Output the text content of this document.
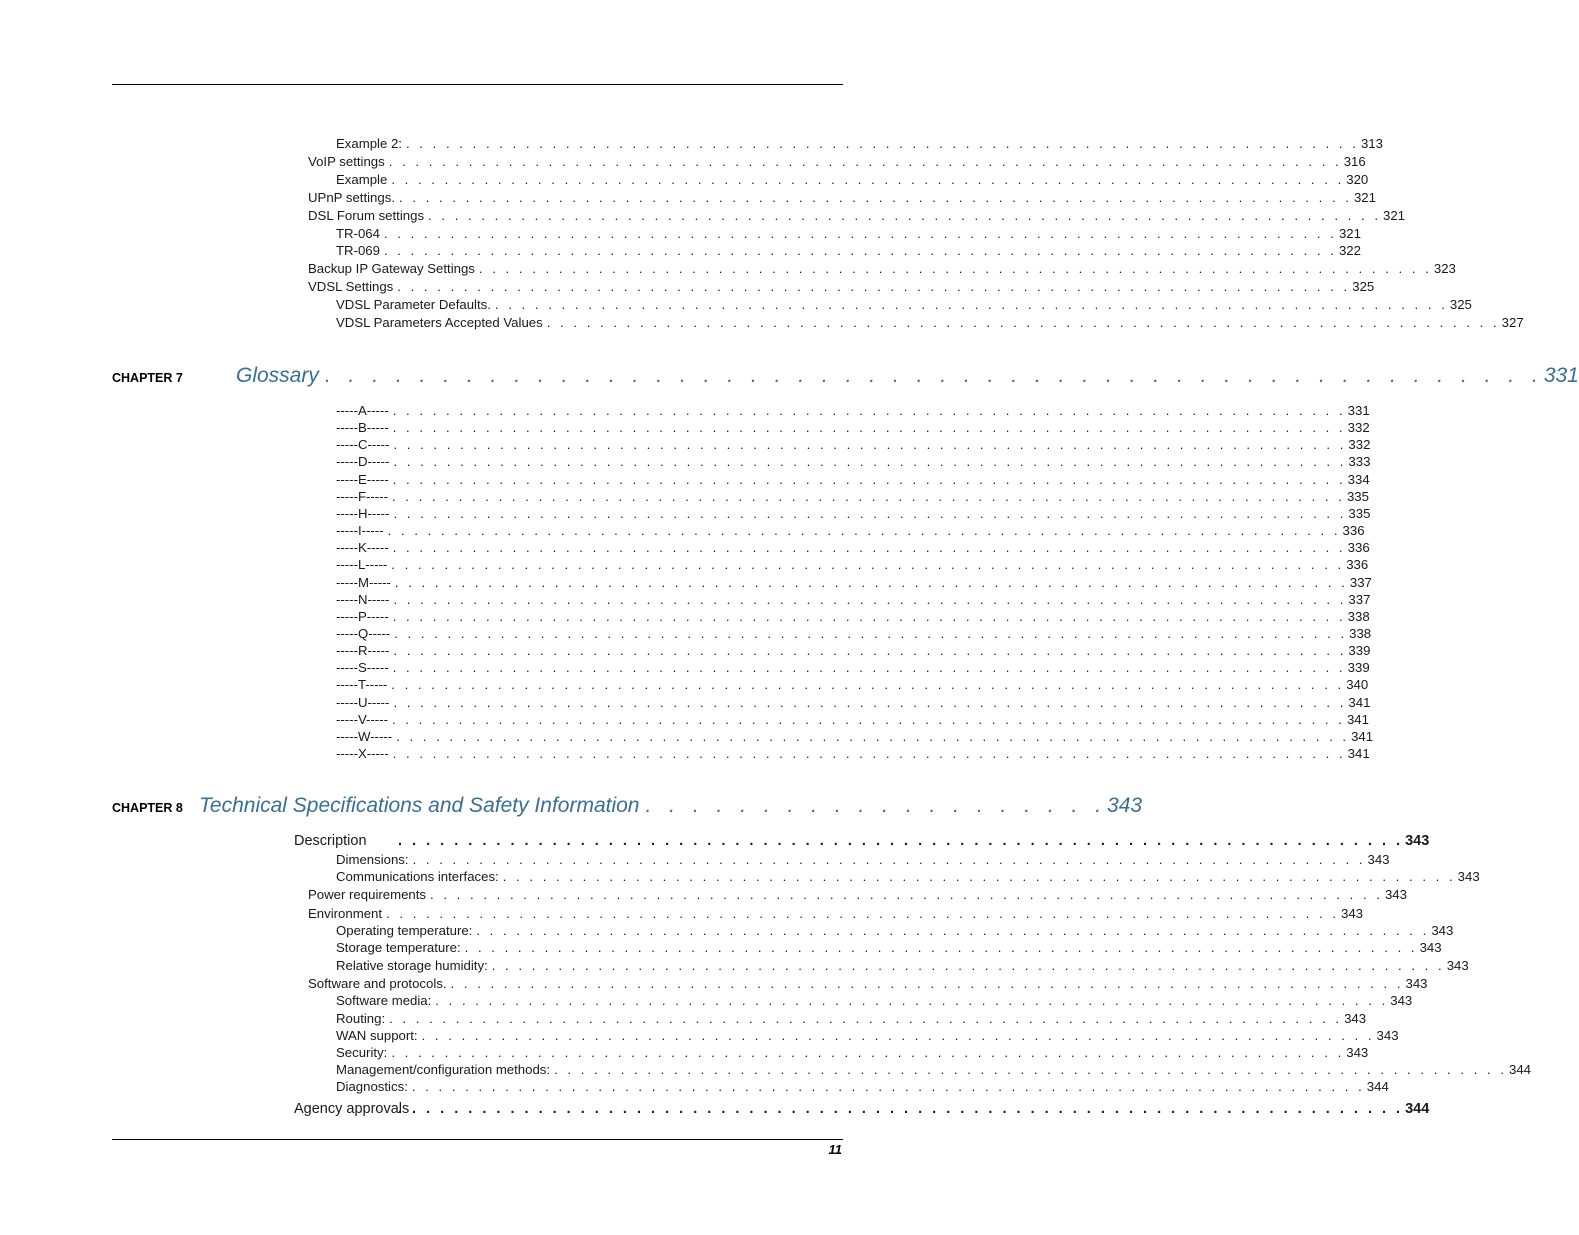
Example 2: . . . . . . . . . . . . . . . . . . . . . . . . . . . . . . . . . . . . . . . . . . . . . . . . . . . . . . . . . . . . . . . . . . . . . . . . 313
VoIP settings . . . . . . . . . . . . . . . . . . . . . . . . . . . . . . . . . . . . . . . . . . . . . . . . . . . . . . . . . . . . . . . . . . . . . . . . 316
Example . . . . . . . . . . . . . . . . . . . . . . . . . . . . . . . . . . . . . . . . . . . . . . . . . . . . . . . . . . . . . . . . . . . . . . . . 320
UPnP settings. . . . . . . . . . . . . . . . . . . . . . . . . . . . . . . . . . . . . . . . . . . . . . . . . . . . . . . . . . . . . . . . . . . . . . . . . 321
DSL Forum settings . . . . . . . . . . . . . . . . . . . . . . . . . . . . . . . . . . . . . . . . . . . . . . . . . . . . . . . . . . . . . . . . . . . . . . . . 321
TR-064 . . . . . . . . . . . . . . . . . . . . . . . . . . . . . . . . . . . . . . . . . . . . . . . . . . . . . . . . . . . . . . . . . . . . . . . . 321
TR-069 . . . . . . . . . . . . . . . . . . . . . . . . . . . . . . . . . . . . . . . . . . . . . . . . . . . . . . . . . . . . . . . . . . . . . . . . 322
Backup IP Gateway Settings . . . . . . . . . . . . . . . . . . . . . . . . . . . . . . . . . . . . . . . . . . . . . . . . . . . . . . . . . . . . . . . . . . . . . . . . 323
VDSL Settings . . . . . . . . . . . . . . . . . . . . . . . . . . . . . . . . . . . . . . . . . . . . . . . . . . . . . . . . . . . . . . . . . . . . . . . . 325
VDSL Parameter Defaults. . . . . . . . . . . . . . . . . . . . . . . . . . . . . . . . . . . . . . . . . . . . . . . . . . . . . . . . . . . . . . . . . . . . . . . . . 325
VDSL Parameters Accepted Values . . . . . . . . . . . . . . . . . . . . . . . . . . . . . . . . . . . . . . . . . . . . . . . . . . . . . . . . . . . . . . . . . . . . . . . . 327
CHAPTER 7	Glossary . . . . . . . . . . . . . . . . . . . . . . . . . . . . . . . . . . . . . . . . . . . . . . . . . . . . 331
-----A----- . . . . . . . . . . . . . . . . . . . . . . . . . . . . . . . . . . . . . . . . . . . . . . . . . . . . . . . . . . . . . . . . . . . . . . . . 331
-----B----- . . . . . . . . . . . . . . . . . . . . . . . . . . . . . . . . . . . . . . . . . . . . . . . . . . . . . . . . . . . . . . . . . . . . . . . . 332
-----C----- . . . . . . . . . . . . . . . . . . . . . . . . . . . . . . . . . . . . . . . . . . . . . . . . . . . . . . . . . . . . . . . . . . . . . . . . 332
-----D----- . . . . . . . . . . . . . . . . . . . . . . . . . . . . . . . . . . . . . . . . . . . . . . . . . . . . . . . . . . . . . . . . . . . . . . . . 333
-----E----- . . . . . . . . . . . . . . . . . . . . . . . . . . . . . . . . . . . . . . . . . . . . . . . . . . . . . . . . . . . . . . . . . . . . . . . . 334
-----F----- . . . . . . . . . . . . . . . . . . . . . . . . . . . . . . . . . . . . . . . . . . . . . . . . . . . . . . . . . . . . . . . . . . . . . . . . 335
-----H----- . . . . . . . . . . . . . . . . . . . . . . . . . . . . . . . . . . . . . . . . . . . . . . . . . . . . . . . . . . . . . . . . . . . . . . . . 335
-----I----- . . . . . . . . . . . . . . . . . . . . . . . . . . . . . . . . . . . . . . . . . . . . . . . . . . . . . . . . . . . . . . . . . . . . . . . . 336
-----K----- . . . . . . . . . . . . . . . . . . . . . . . . . . . . . . . . . . . . . . . . . . . . . . . . . . . . . . . . . . . . . . . . . . . . . . . . 336
-----L----- . . . . . . . . . . . . . . . . . . . . . . . . . . . . . . . . . . . . . . . . . . . . . . . . . . . . . . . . . . . . . . . . . . . . . . . . 336
-----M----- . . . . . . . . . . . . . . . . . . . . . . . . . . . . . . . . . . . . . . . . . . . . . . . . . . . . . . . . . . . . . . . . . . . . . . . . 337
-----N----- . . . . . . . . . . . . . . . . . . . . . . . . . . . . . . . . . . . . . . . . . . . . . . . . . . . . . . . . . . . . . . . . . . . . . . . . 337
-----P----- . . . . . . . . . . . . . . . . . . . . . . . . . . . . . . . . . . . . . . . . . . . . . . . . . . . . . . . . . . . . . . . . . . . . . . . . 338
-----Q----- . . . . . . . . . . . . . . . . . . . . . . . . . . . . . . . . . . . . . . . . . . . . . . . . . . . . . . . . . . . . . . . . . . . . . . . . 338
-----R----- . . . . . . . . . . . . . . . . . . . . . . . . . . . . . . . . . . . . . . . . . . . . . . . . . . . . . . . . . . . . . . . . . . . . . . . . 339
-----S----- . . . . . . . . . . . . . . . . . . . . . . . . . . . . . . . . . . . . . . . . . . . . . . . . . . . . . . . . . . . . . . . . . . . . . . . . 339
-----T----- . . . . . . . . . . . . . . . . . . . . . . . . . . . . . . . . . . . . . . . . . . . . . . . . . . . . . . . . . . . . . . . . . . . . . . . . 340
-----U----- . . . . . . . . . . . . . . . . . . . . . . . . . . . . . . . . . . . . . . . . . . . . . . . . . . . . . . . . . . . . . . . . . . . . . . . . 341
-----V----- . . . . . . . . . . . . . . . . . . . . . . . . . . . . . . . . . . . . . . . . . . . . . . . . . . . . . . . . . . . . . . . . . . . . . . . . 341
-----W----- . . . . . . . . . . . . . . . . . . . . . . . . . . . . . . . . . . . . . . . . . . . . . . . . . . . . . . . . . . . . . . . . . . . . . . . . 341
-----X----- . . . . . . . . . . . . . . . . . . . . . . . . . . . . . . . . . . . . . . . . . . . . . . . . . . . . . . . . . . . . . . . . . . . . . . . . 341
CHAPTER 8 Technical Specifications and Safety Information . . . . . . . . . . . . . . . . . . . . 343
Description	. . . . . . . . . . . . . . . . . . . . . . . . . . . . . . . . . . . . . . . . . . . . . . . . . . . . . . . . . . . . . . . . . . . . . . . . 343
Dimensions: . . . . . . . . . . . . . . . . . . . . . . . . . . . . . . . . . . . . . . . . . . . . . . . . . . . . . . . . . . . . . . . . . . . . . . . . 343
Communications interfaces: . . . . . . . . . . . . . . . . . . . . . . . . . . . . . . . . . . . . . . . . . . . . . . . . . . . . . . . . . . . . . . . . . . . . . . . . 343
Power requirements . . . . . . . . . . . . . . . . . . . . . . . . . . . . . . . . . . . . . . . . . . . . . . . . . . . . . . . . . . . . . . . . . . . . . . . . 343
Environment . . . . . . . . . . . . . . . . . . . . . . . . . . . . . . . . . . . . . . . . . . . . . . . . . . . . . . . . . . . . . . . . . . . . . . . . 343
Operating temperature: . . . . . . . . . . . . . . . . . . . . . . . . . . . . . . . . . . . . . . . . . . . . . . . . . . . . . . . . . . . . . . . . . . . . . . . . 343
Storage temperature: . . . . . . . . . . . . . . . . . . . . . . . . . . . . . . . . . . . . . . . . . . . . . . . . . . . . . . . . . . . . . . . . . . . . . . . . 343
Relative storage humidity: . . . . . . . . . . . . . . . . . . . . . . . . . . . . . . . . . . . . . . . . . . . . . . . . . . . . . . . . . . . . . . . . . . . . . . . . 343
Software and protocols. . . . . . . . . . . . . . . . . . . . . . . . . . . . . . . . . . . . . . . . . . . . . . . . . . . . . . . . . . . . . . . . . . . . . . . . . 343
Software media: . . . . . . . . . . . . . . . . . . . . . . . . . . . . . . . . . . . . . . . . . . . . . . . . . . . . . . . . . . . . . . . . . . . . . . . . 343
Routing: . . . . . . . . . . . . . . . . . . . . . . . . . . . . . . . . . . . . . . . . . . . . . . . . . . . . . . . . . . . . . . . . . . . . . . . . 343
WAN support: . . . . . . . . . . . . . . . . . . . . . . . . . . . . . . . . . . . . . . . . . . . . . . . . . . . . . . . . . . . . . . . . . . . . . . . . 343
Security: . . . . . . . . . . . . . . . . . . . . . . . . . . . . . . . . . . . . . . . . . . . . . . . . . . . . . . . . . . . . . . . . . . . . . . . . 343
Management/configuration methods: . . . . . . . . . . . . . . . . . . . . . . . . . . . . . . . . . . . . . . . . . . . . . . . . . . . . . . . . . . . . . . . . . . . . . . . . 344
Diagnostics: . . . . . . . . . . . . . . . . . . . . . . . . . . . . . . . . . . . . . . . . . . . . . . . . . . . . . . . . . . . . . . . . . . . . . . . . 344
Agency approvals
. . . . . . . . . . . . . . . . . . . . . . . . . . . . . . . . . . . . . . . . . . . . . . . . . . . . . . . . . . . . . . . . . . . . . . . . 344
11
